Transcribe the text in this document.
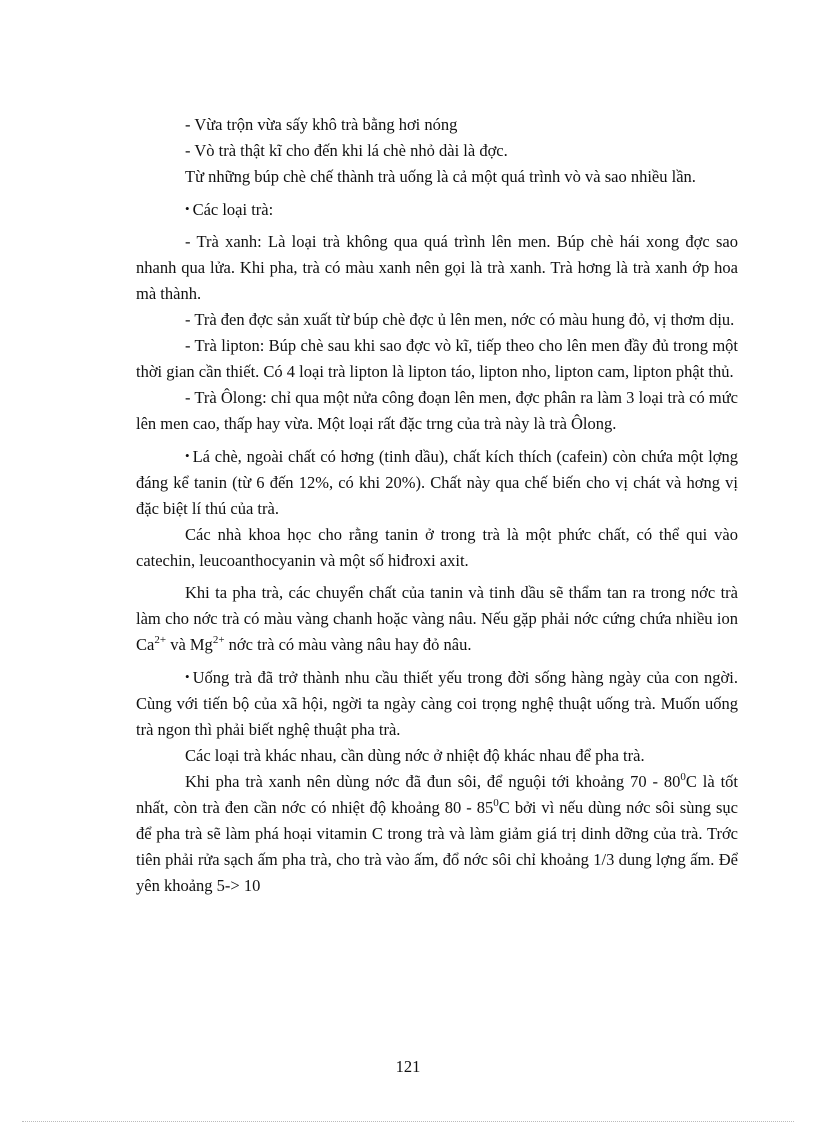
- Vừa trộn vừa sấy khô trà bằng hơi nóng

- Vò trà thật kĩ cho đến khi lá chè nhỏ dài là đợc.

Từ những búp chè chế thành trà uống là cả một quá trình vò và sao nhiều lần.

• Các loại trà:

- Trà xanh: Là loại trà không qua quá trình lên men. Búp chè hái xong đợc sao nhanh qua lửa. Khi pha, trà có màu xanh nên gọi là trà xanh. Trà hơng là trà xanh ớp hoa mà thành.

- Trà đen đợc sản xuất từ búp chè đợc ủ lên men, nớc có màu hung đỏ, vị thơm dịu.

- Trà lipton: Búp chè sau khi sao đợc vò kĩ, tiếp theo cho lên men đầy đủ trong một thời gian cần thiết. Có 4 loại trà lipton là lipton táo, lipton nho, lipton cam, lipton phật thủ.

- Trà Ôlong: chỉ qua một nửa công đoạn lên men, đợc phân ra làm 3 loại trà có mức lên men cao, thấp hay vừa. Một loại rất đặc trng của trà này là trà Ôlong.

• Lá chè, ngoài chất có hơng (tinh dầu), chất kích thích (cafein) còn chứa một lợng đáng kể tanin (từ 6 đến 12%, có khi 20%). Chất này qua chế biến cho vị chát và hơng vị đặc biệt lí thú của trà.

Các nhà khoa học cho rằng tanin ở trong trà là một phức chất, có thể qui vào catechin, leucoanthocyanin và một số hiđroxi axit.

Khi ta pha trà, các chuyển chất của tanin và tinh dầu sẽ thẩm tan ra trong nớc trà làm cho nớc trà có màu vàng chanh hoặc vàng nâu. Nếu gặp phải nớc cứng chứa nhiều ion $Ca^{2+}$ và $Mg^{2+}$ nớc trà có màu vàng nâu hay đỏ nâu.

• Uống trà đã trở thành nhu cầu thiết yếu trong đời sống hàng ngày của con ngời. Cùng với tiến bộ của xã hội, ngời ta ngày càng coi trọng nghệ thuật uống trà. Muốn uống trà ngon thì phải biết nghệ thuật pha trà.

Các loại trà khác nhau, cần dùng nớc ở nhiệt độ khác nhau để pha trà.

Khi pha trà xanh nên dùng nớc đã đun sôi, để nguội tới khoảng $70 - 80^0C$ là tốt nhất, còn trà đen cần nớc có nhiệt độ khoảng $80 - 85^0C$ bởi vì nếu dùng nớc sôi sùng sục để pha trà sẽ làm phá hoại vitamin C trong trà và làm giảm giá trị dinh dỡng của trà. Trớc tiên phải rửa sạch ấm pha trà, cho trà vào ấm, đổ nớc sôi chỉ khoảng 1/3 dung lợng ấm. Để yên khoảng 5-> 10

121
